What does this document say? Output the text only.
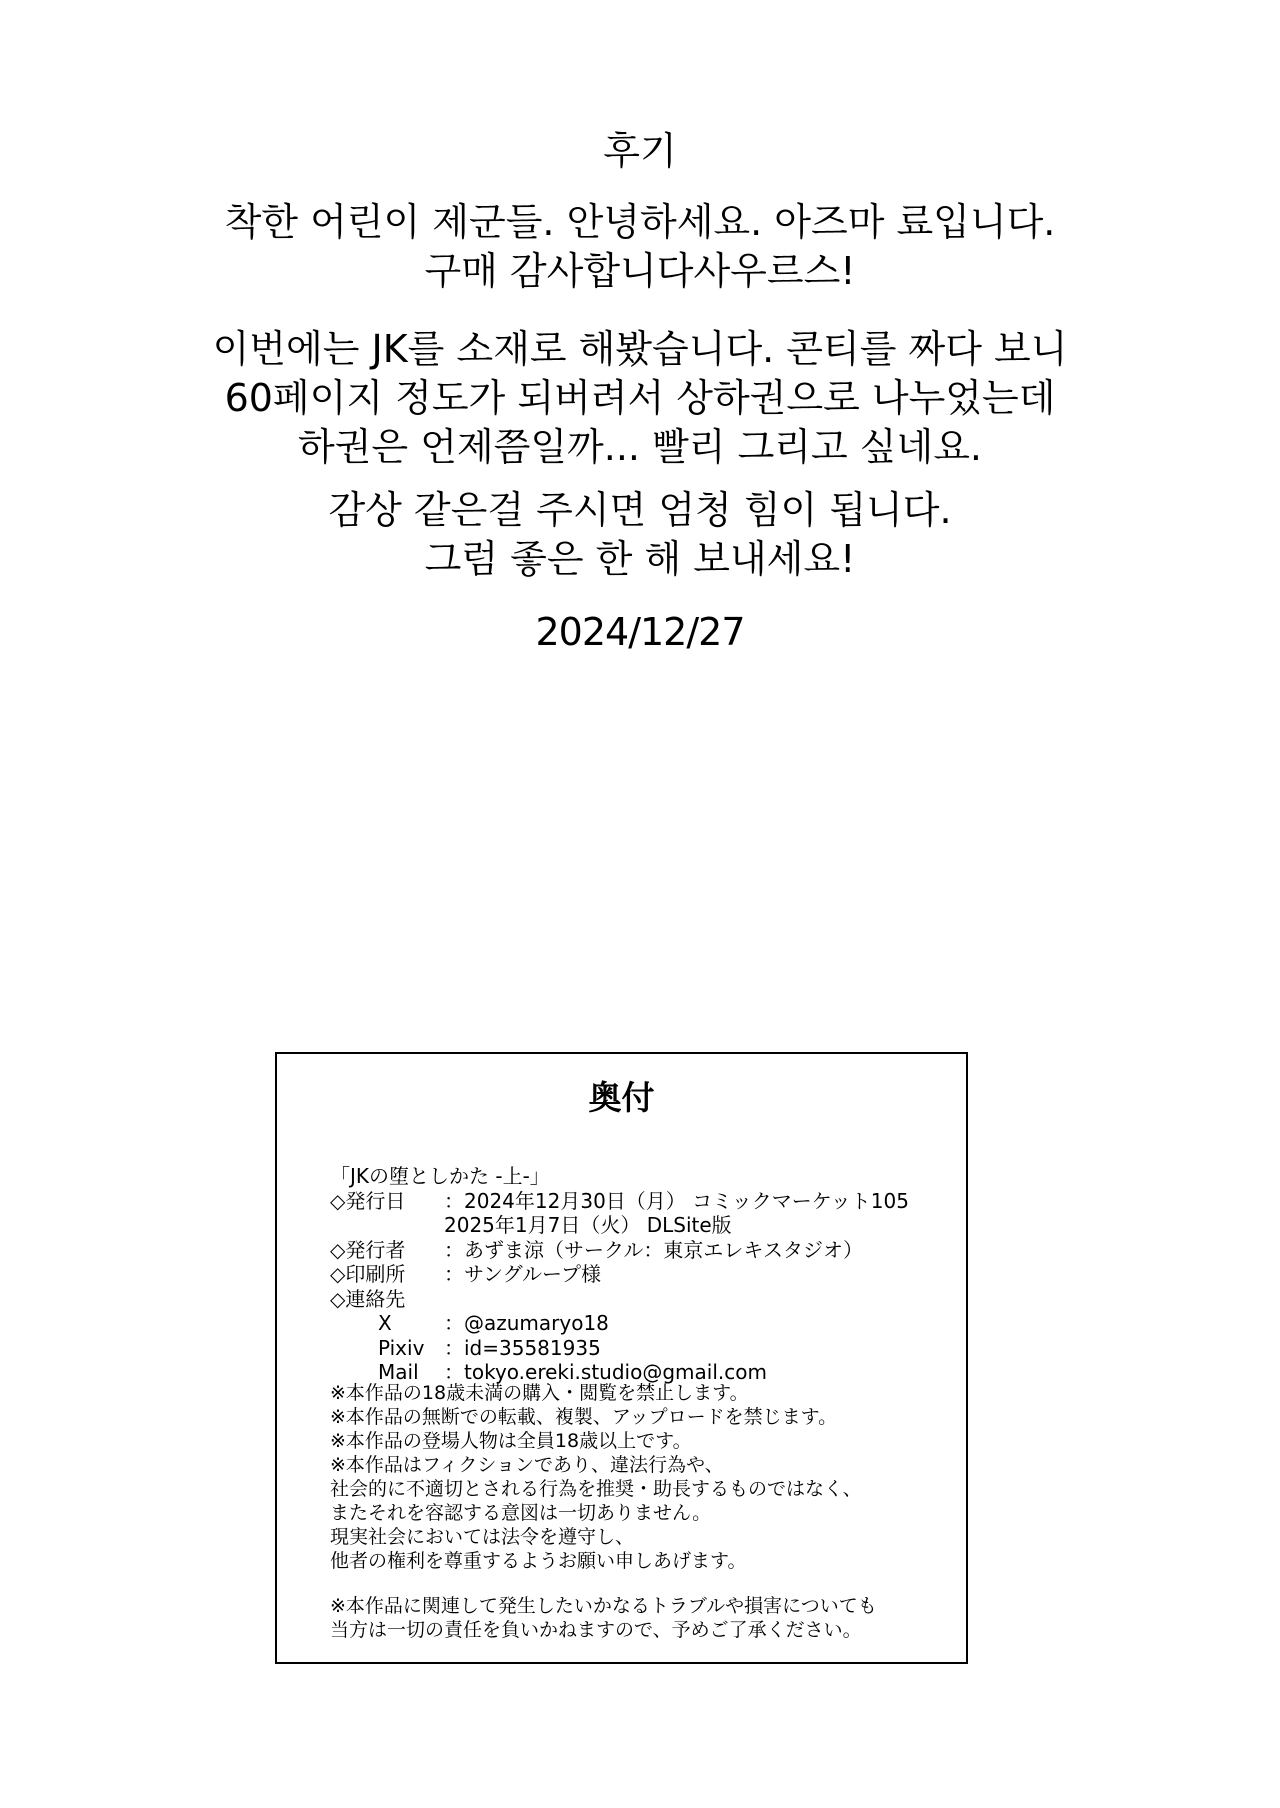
후기
착한 어린이 제군들. 안녕하세요. 아즈마 료입니다.
구매 감사합니다사우르스!
이번에는 JK를 소재로 해봤습니다. 콘티를 짜다 보니
60페이지 정도가 되버려서 상하권으로 나누었는데
하권은 언제쯤일까... 빨리 그리고 싶네요.
감상 같은걸 주시면 엄청 힘이 됩니다.
그럼 좋은 한 해 보내세요!
2024/12/27
奥付
「JKの堕としかた -上-」
◇発行日 ：2024年12月30日（月） コミックマーケット105
2025年1月7日（火） DLSite版
◇発行者 ：あずま涼（サークル：東京エレキスタジオ）
◇印刷所 ：サングループ様
◇連絡先
X	：@azumaryo18
Pixiv ：id=35581935
Mail ：tokyo.ereki.studio@gmail.com
※本作品の18歳未満の購入・閲覧を禁止します。
※本作品の無断での転載、複製、アップロードを禁じます。
※本作品の登場人物は全員18歳以上です。
※本作品はフィクションであり、違法行為や、
社会的に不適切とされる行為を推奨・助長するものではなく、
またそれを容認する意図は一切ありません。
現実社会においては法令を遵守し、
他者の権利を尊重するようお願い申しあげます。
※本作品に関連して発生したいかなるトラブルや損害についても
当方は一切の責任を負いかねますので、予めご了承ください。
